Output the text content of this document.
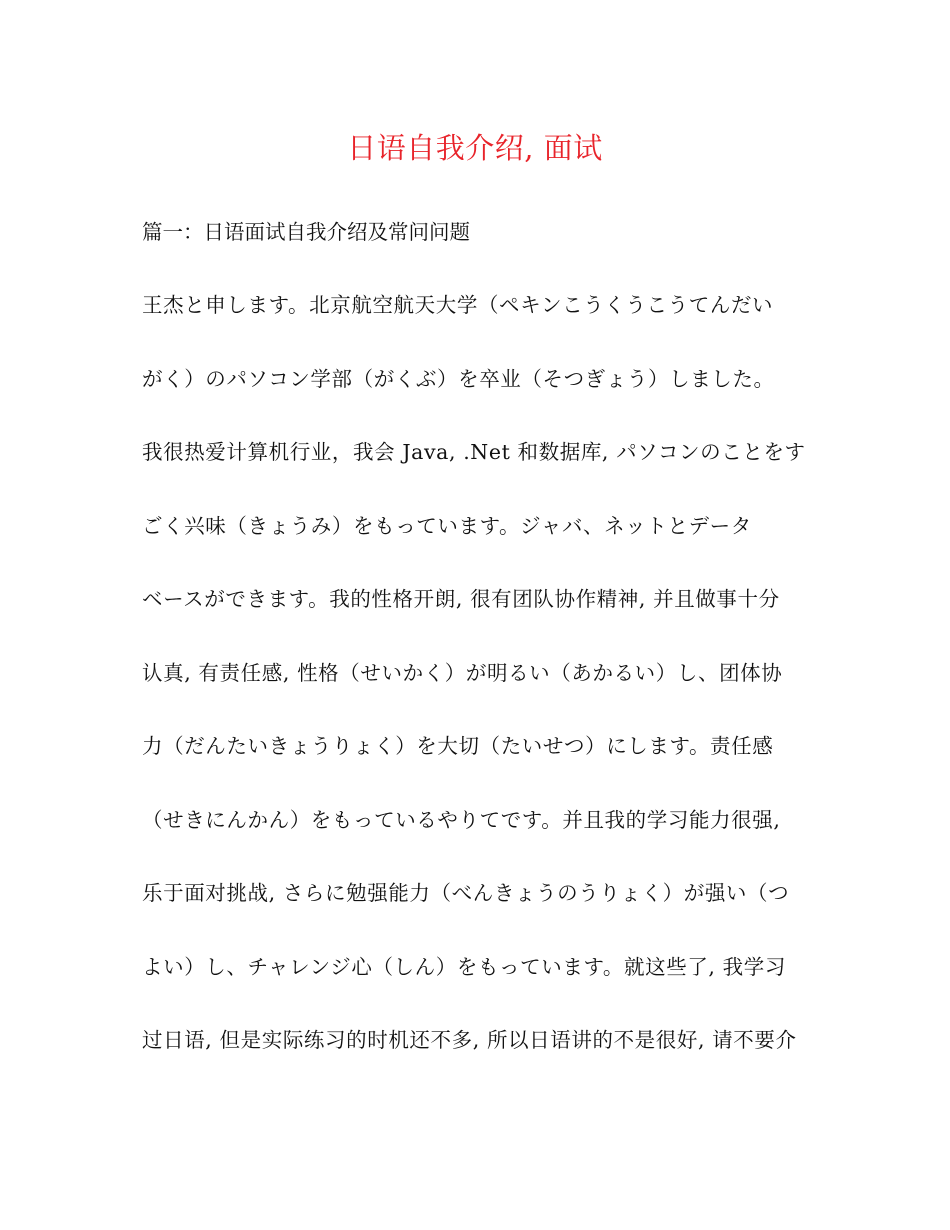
日语自我介绍, 面试
篇一：日语面试自我介绍及常问问题
王杰と申します。北京航空航天大学（ペキンこうくうこうてんだい
がく）のパソコン学部（がくぶ）を卒业（そつぎょう）しました。
我很热爱计算机行业，我会 Java, .Net 和数据库, パソコンのことをす
ごく兴味（きょうみ）をもっています。ジャバ、ネットとデータ
ベースができます。我的性格开朗, 很有团队协作精神, 并且做事十分
认真, 有责任感, 性格（せいかく）が明るい（あかるい）し、团体协
力（だんたいきょうりょく）を大切（たいせつ）にします。责任感
（せきにんかん）をもっているやりてです。并且我的学习能力很强,
乐于面对挑战, さらに勉强能力（べんきょうのうりょく）が强い（つ
よい）し、チャレンジ心（しん）をもっています。就这些了, 我学习
过日语, 但是实际练习的时机还不多, 所以日语讲的不是很好, 请不要介
